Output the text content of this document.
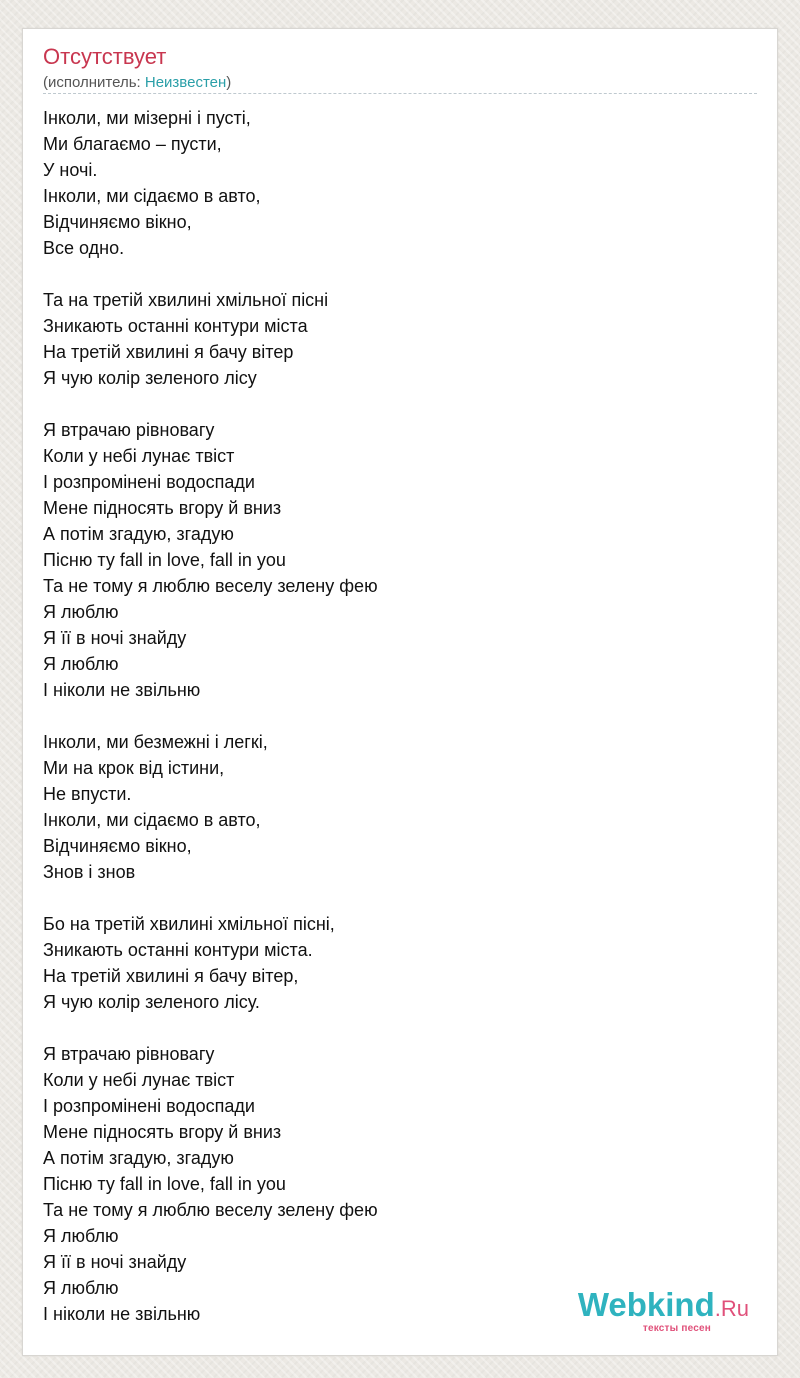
Отсутствует
(исполнитель: Неизвестен)
Інколи, ми мізерні і пусті,
Ми благаємо – пусти,
У ночі.
Інколи, ми сідаємо в авто,
Відчиняємо вікно,
Все одно.
Та на третій хвилині хмільної пісні
Зникають останні контури міста
На третій хвилині я бачу вітер
Я чую колір зеленого лісу
Я втрачаю рівновагу
Коли у небі лунає твіст
І розпромінені водоспади
Мене підносять вгору й вниз
А потім згадую, згадую
Пісню ту fall in love, fall in you
Та не тому я люблю веселу зелену фею
Я люблю
Я її в ночі знайду
Я люблю
І ніколи не звільню
Інколи, ми безмежні і легкі,
Ми на крок від істини,
Не впусти.
Інколи, ми сідаємо в авто,
Відчиняємо вікно,
Знов і знов
Бо на третій хвилині хмільної пісні,
Зникають останні контури міста.
На третій хвилині я бачу вітер,
Я чую колір зеленого лісу.
Я втрачаю рівновагу
Коли у небі лунає твіст
І розпромінені водоспади
Мене підносять вгору й вниз
А потім згадую, згадую
Пісню ту fall in love, fall in you
Та не тому я люблю веселу зелену фею
Я люблю
Я її в ночі знайду
Я люблю
І ніколи не звільню	Webkind.Ru
тексты песен
